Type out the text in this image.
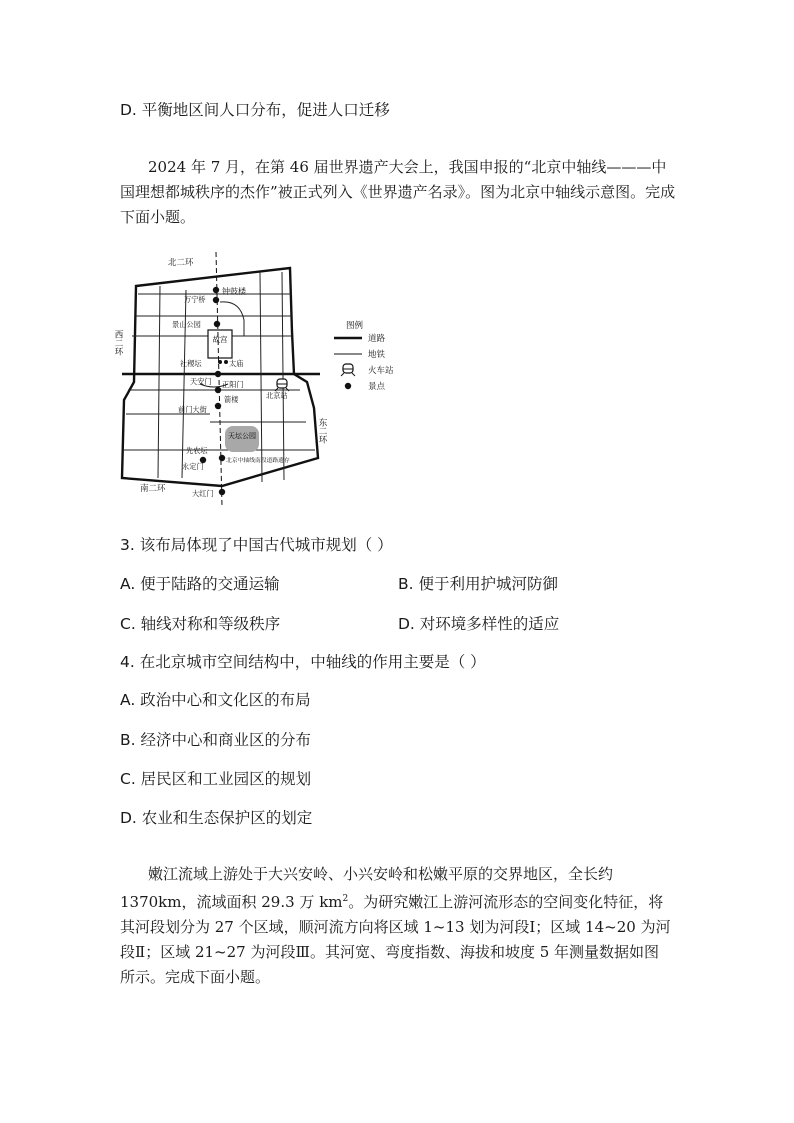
D. 平衡地区间人口分布，促进人口迁移
2024 年 7 月，在第 46 届世界遗产大会上，我国申报的“北京中轴线———中国理想都城秩序的杰作”被正式列入《世界遗产名录》。图为北京中轴线示意图。完成下面小题。
故宫
天坛公园
北二环
钟鼓楼
万宁桥
景山公园
社稷坛	太庙
天安门 正阳门
箭楼	北京站
前门大街
先农坛
永定门
北京中轴线南段道路遗存
南二环	大红门
西二环
东二环
图例
道路
地铁
火车站
景点
3. 该布局体现了中国古代城市规划（ ）
A. 便于陆路的交通运输	B. 便于利用护城河防御
C. 轴线对称和等级秩序	D. 对环境多样性的适应
4. 在北京城市空间结构中，中轴线的作用主要是（ ）
A. 政治中心和文化区的布局
B. 经济中心和商业区的分布
C. 居民区和工业园区的规划
D. 农业和生态保护区的划定
嫩江流域上游处于大兴安岭、小兴安岭和松嫩平原的交界地区，全长约
1370km，流域面积 29.3 万 $km^2$。为研究嫩江上游河流形态的空间变化特征，将
其河段划分为 27 个区域，顺河流方向将区域 1~13 划为河段Ⅰ；区域 14~20 为河
段Ⅱ；区域 21~27 为河段Ⅲ。其河宽、弯度指数、海拔和坡度 5 年测量数据如图
所示。完成下面小题。
